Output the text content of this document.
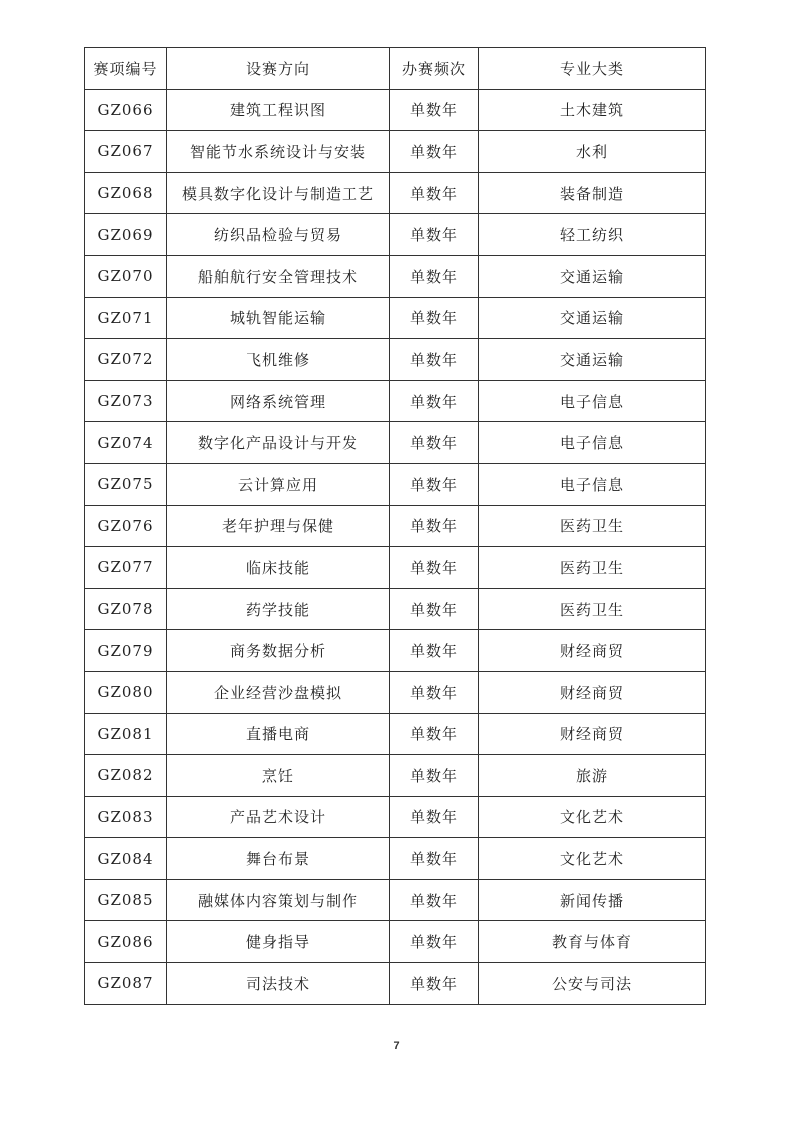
赛项编号	设赛方向	办赛频次	专业大类
GZ066	建筑工程识图	单数年	土木建筑
GZ067	智能节水系统设计与安装	单数年	水利
GZ068	模具数字化设计与制造工艺	单数年	装备制造
GZ069	纺织品检验与贸易	单数年	轻工纺织
GZ070	船舶航行安全管理技术	单数年	交通运输
GZ071	城轨智能运输	单数年	交通运输
GZ072	飞机维修	单数年	交通运输
GZ073	网络系统管理	单数年	电子信息
GZ074	数字化产品设计与开发	单数年	电子信息
GZ075	云计算应用	单数年	电子信息
GZ076	老年护理与保健	单数年	医药卫生
GZ077	临床技能	单数年	医药卫生
GZ078	药学技能	单数年	医药卫生
GZ079	商务数据分析	单数年	财经商贸
GZ080	企业经营沙盘模拟	单数年	财经商贸
GZ081	直播电商	单数年	财经商贸
GZ082	烹饪	单数年	旅游
GZ083	产品艺术设计	单数年	文化艺术
GZ084	舞台布景	单数年	文化艺术
GZ085	融媒体内容策划与制作	单数年	新闻传播
GZ086	健身指导	单数年	教育与体育
GZ087	司法技术	单数年	公安与司法
7
